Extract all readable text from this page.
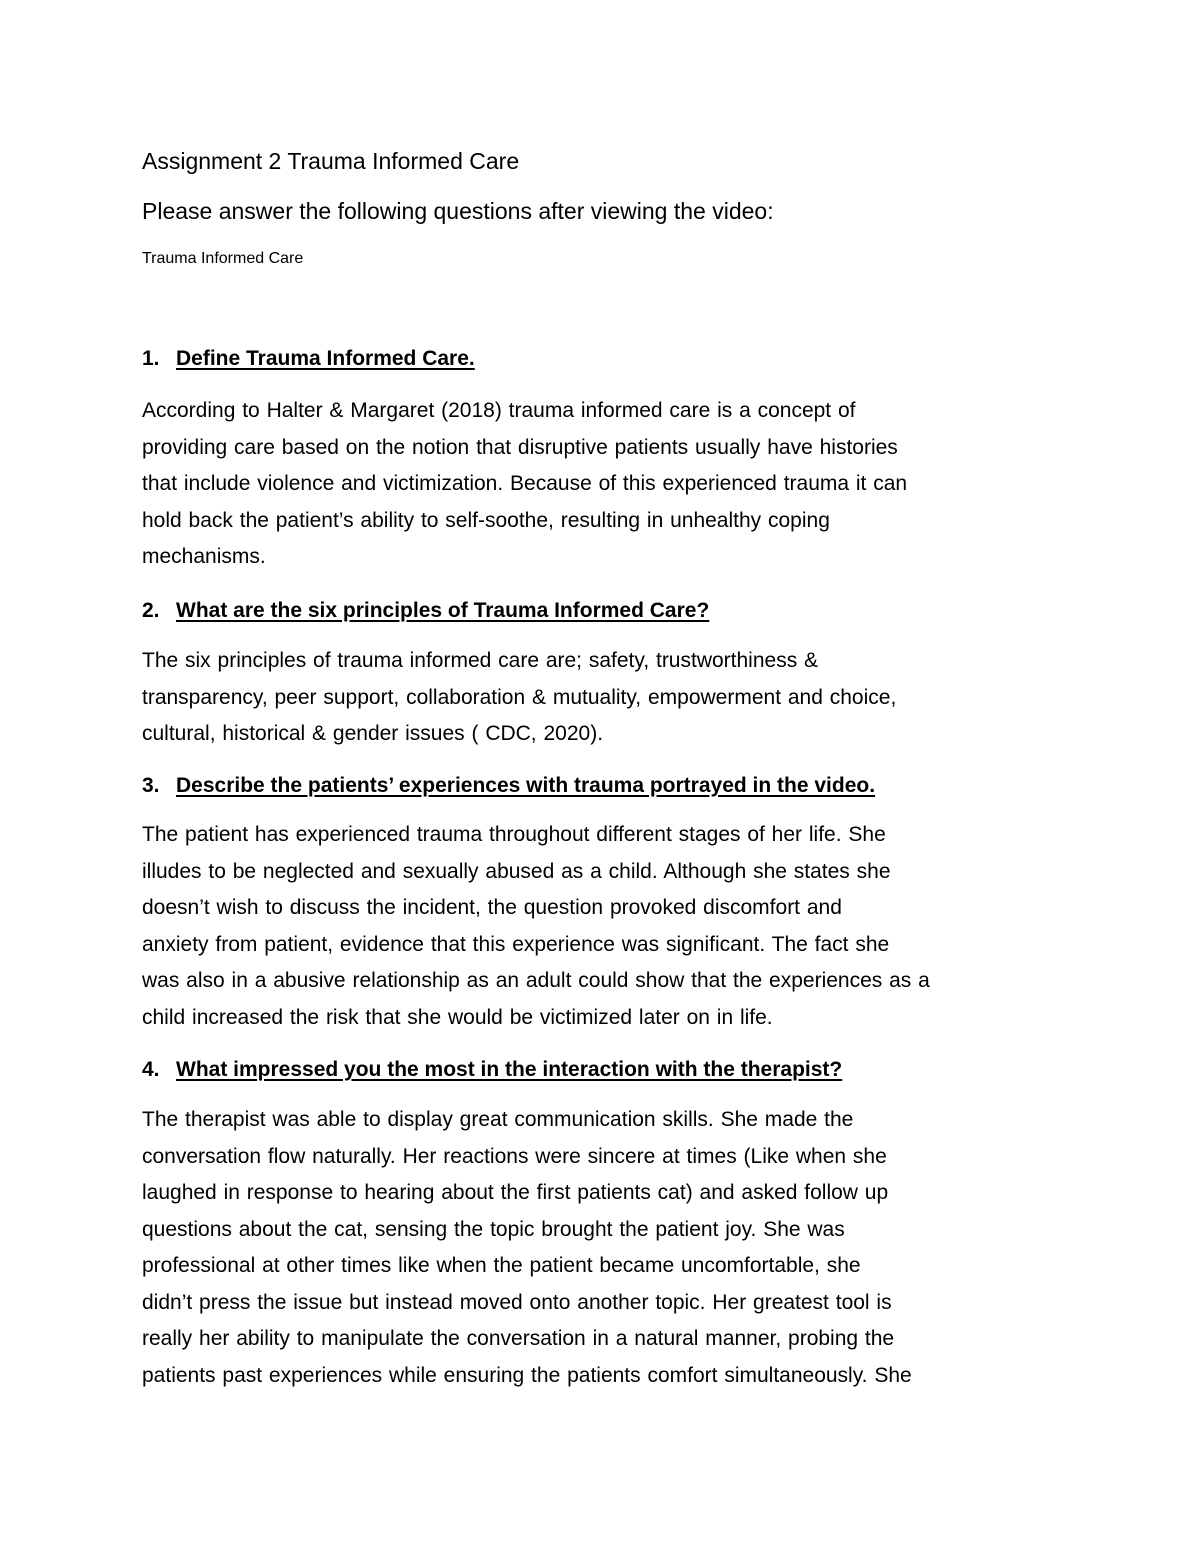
Assignment 2 Trauma Informed Care
Please answer the following questions after viewing the video:
Trauma Informed Care
1. Define Trauma Informed Care.
According to Halter & Margaret (2018) trauma informed care is a concept of
providing care based on the notion that disruptive patients usually have histories
that include violence and victimization. Because of this experienced trauma it can
hold back the patient’s ability to self-soothe, resulting in unhealthy coping
mechanisms.
2. What are the six principles of Trauma Informed Care?
The six principles of trauma informed care are; safety, trustworthiness &
transparency, peer support, collaboration & mutuality, empowerment and choice,
cultural, historical & gender issues ( CDC, 2020).
3. Describe the patients’ experiences with trauma portrayed in the video.
The patient has experienced trauma throughout different stages of her life. She
illudes to be neglected and sexually abused as a child. Although she states she
doesn’t wish to discuss the incident, the question provoked discomfort and
anxiety from patient, evidence that this experience was significant. The fact she
was also in a abusive relationship as an adult could show that the experiences as a
child increased the risk that she would be victimized later on in life.
4. What impressed you the most in the interaction with the therapist?
The therapist was able to display great communication skills. She made the
conversation flow naturally. Her reactions were sincere at times (Like when she
laughed in response to hearing about the first patients cat) and asked follow up
questions about the cat, sensing the topic brought the patient joy. She was
professional at other times like when the patient became uncomfortable, she
didn’t press the issue but instead moved onto another topic. Her greatest tool is
really her ability to manipulate the conversation in a natural manner, probing the
patients past experiences while ensuring the patients comfort simultaneously. She
